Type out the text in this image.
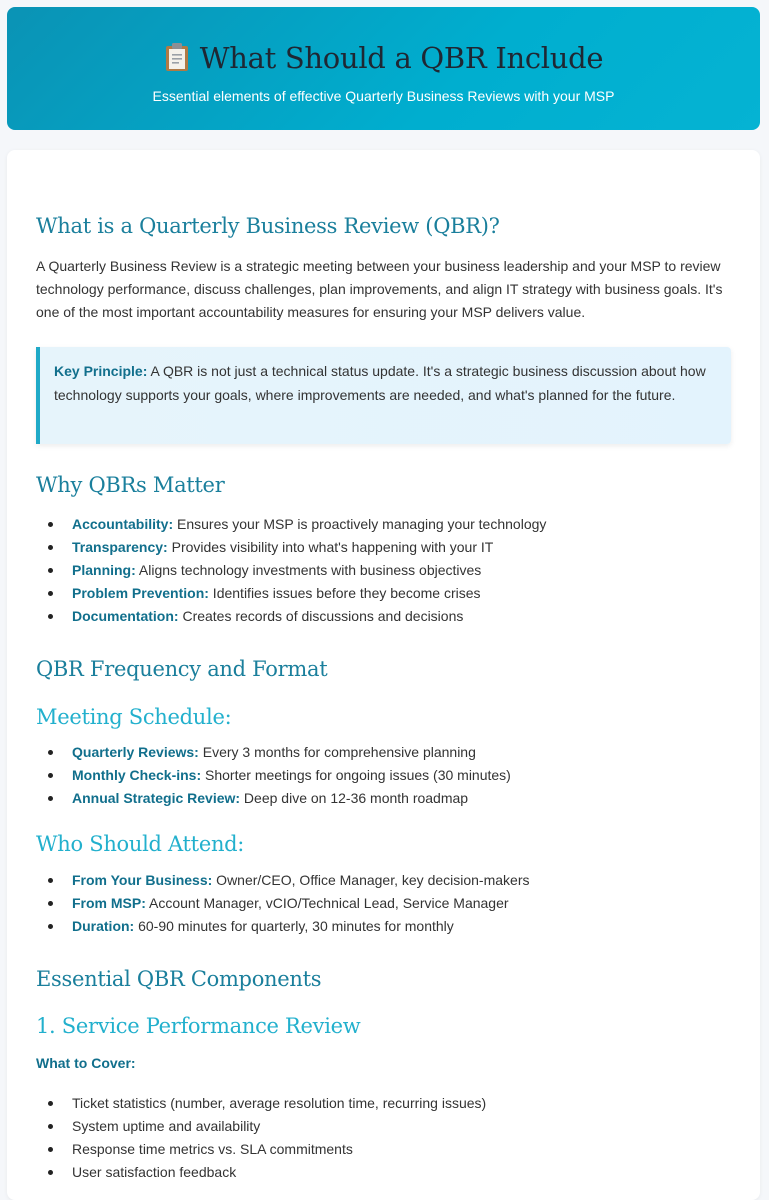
What Should a QBR Include

Essential elements of effective Quarterly Business Reviews with your MSP

What is a Quarterly Business Review (QBR)?

A Quarterly Business Review is a strategic meeting between your business leadership and your MSP to review technology performance, discuss challenges, plan improvements, and align IT strategy with business goals. It's one of the most important accountability measures for ensuring your MSP delivers value.

Key Principle: A QBR is not just a technical status update. It's a strategic business discussion about how technology supports your goals, where improvements are needed, and what's planned for the future.
Why QBRs Matter
Accountability: Ensures your MSP is proactively managing your technology
Transparency: Provides visibility into what's happening with your IT
Planning: Aligns technology investments with business objectives
Problem Prevention: Identifies issues before they become crises
Documentation: Creates records of discussions and decisions
QBR Frequency and Format
Meeting Schedule:
Quarterly Reviews: Every 3 months for comprehensive planning
Monthly Check-ins: Shorter meetings for ongoing issues (30 minutes)
Annual Strategic Review: Deep dive on 12-36 month roadmap
Who Should Attend:
From Your Business: Owner/CEO, Office Manager, key decision-makers
From MSP: Account Manager, vCIO/Technical Lead, Service Manager
Duration: 60-90 minutes for quarterly, 30 minutes for monthly
Essential QBR Components
1. Service Performance Review
What to Cover:
Ticket statistics (number, average resolution time, recurring issues)
System uptime and availability
Response time metrics vs. SLA commitments
User satisfaction feedback
